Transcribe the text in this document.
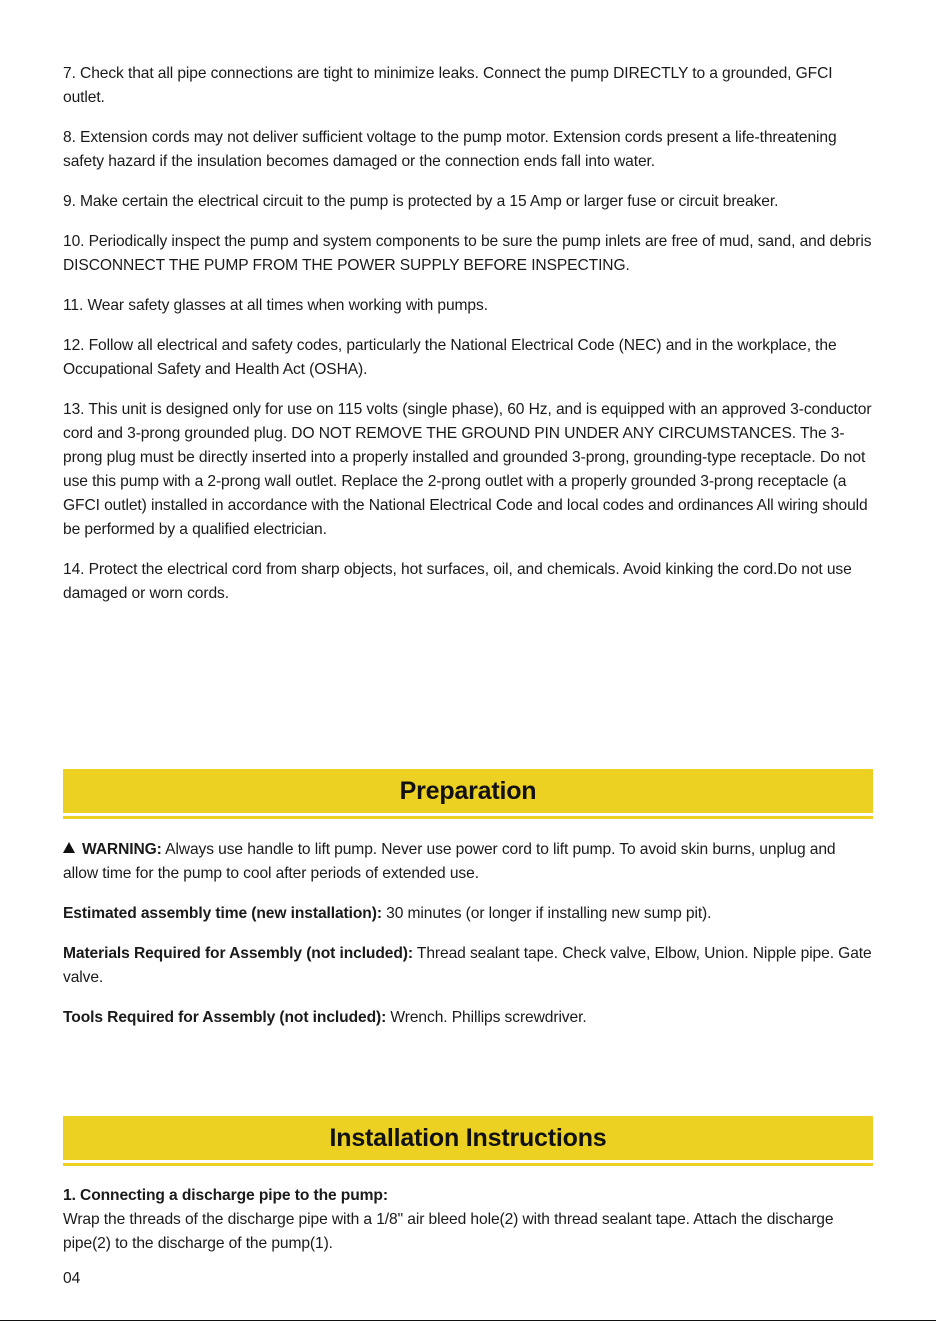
7. Check that all pipe connections are tight to minimize leaks. Connect the pump DIRECTLY to a grounded, GFCI outlet.

8. Extension cords may not deliver sufficient voltage to the pump motor. Extension cords present a life-threatening safety hazard if the insulation becomes damaged or the connection ends fall into water.

9. Make certain the electrical circuit to the pump is protected by a 15 Amp or larger fuse or circuit breaker.

10. Periodically inspect the pump and system components to be sure the pump inlets are free of mud, sand, and debris DISCONNECT THE PUMP FROM THE POWER SUPPLY BEFORE INSPECTING.

11. Wear safety glasses at all times when working with pumps.

12. Follow all electrical and safety codes, particularly the National Electrical Code (NEC) and in the workplace, the Occupational Safety and Health Act (OSHA).

13. This unit is designed only for use on 115 volts (single phase), 60 Hz, and is equipped with an approved 3-conductor cord and 3-prong grounded plug. DO NOT REMOVE THE GROUND PIN UNDER ANY CIRCUMSTANCES. The 3-prong plug must be directly inserted into a properly installed and grounded 3-prong, grounding-type receptacle. Do not use this pump with a 2-prong wall outlet. Replace the 2-prong outlet with a properly grounded 3-prong receptacle (a GFCI outlet) installed in accordance with the National Electrical Code and local codes and ordinances All wiring should be performed by a qualified electrician.

14. Protect the electrical cord from sharp objects, hot surfaces, oil, and chemicals. Avoid kinking the cord.Do not use damaged or worn cords.

Preparation

WARNING: Always use handle to lift pump. Never use power cord to lift pump. To avoid skin burns, unplug and allow time for the pump to cool after periods of extended use.

Estimated assembly time (new installation): 30 minutes (or longer if installing new sump pit).

Materials Required for Assembly (not included): Thread sealant tape. Check valve, Elbow, Union. Nipple pipe. Gate valve.

Tools Required for Assembly (not included): Wrench. Phillips screwdriver.

Installation Instructions

1. Connecting a discharge pipe to the pump:

Wrap the threads of the discharge pipe with a 1/8" air bleed hole(2) with thread sealant tape. Attach the discharge pipe(2) to the discharge of the pump(1).

04
